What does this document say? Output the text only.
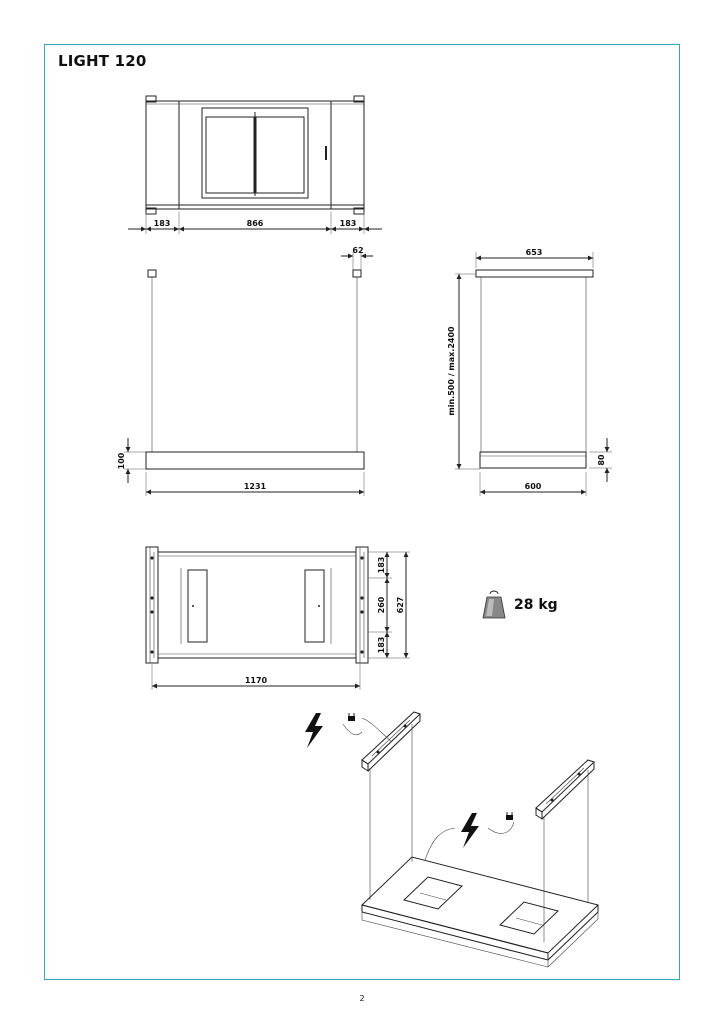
LIGHT 120
28 kg
2
183	866	183
62
100
1231
653
min.500 / max.2400
80
600
183
260
183
627
1170
